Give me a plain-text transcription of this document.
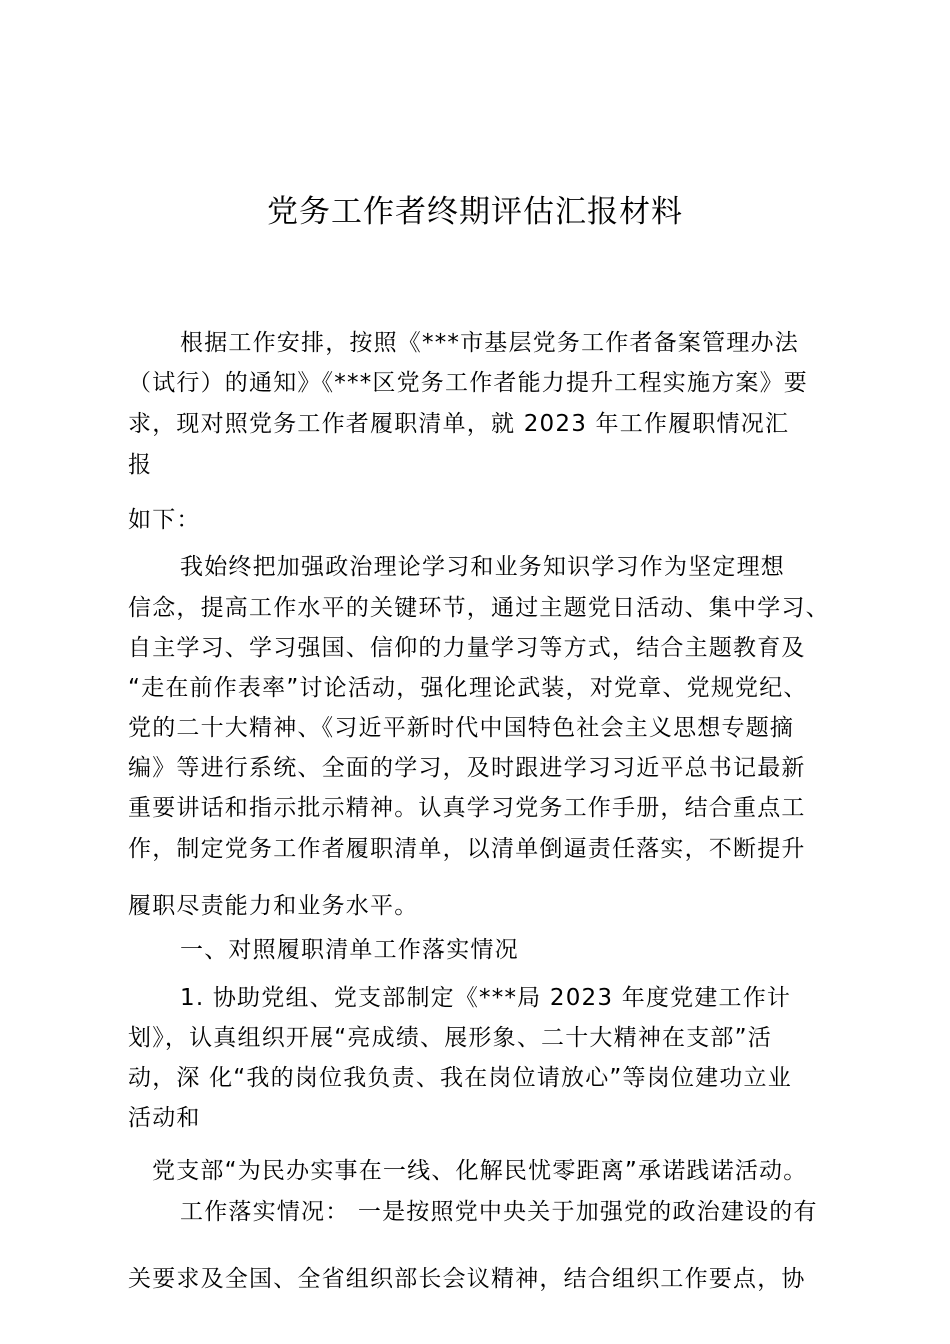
党务工作者终期评估汇报材料
根据工作安排，按照《***市基层党务工作者备案管理办法
（试行）的通知》《***区党务工作者能力提升工程实施方案》要
求，现对照党务工作者履职清单，就 2023 年工作履职情况汇
报
如下：
我始终把加强政治理论学习和业务知识学习作为坚定理想
信念，提高工作水平的关键环节，通过主题党日活动、集中学习、
自主学习、学习强国、信仰的力量学习等方式，结合主题教育及
“走在前作表率”讨论活动，强化理论武装，对党章、党规党纪、
党的二十大精神、《习近平新时代中国特色社会主义思想专题摘
编》等进行系统、全面的学习，及时跟进学习习近平总书记最新
重要讲话和指示批示精神。认真学习党务工作手册，结合重点工
作，制定党务工作者履职清单，以清单倒逼责任落实，不断提升
履职尽责能力和业务水平。
一、对照履职清单工作落实情况
1. 协助党组、党支部制定《***局 2023 年度党建工作计
划》，认真组织开展“亮成绩、展形象、二十大精神在支部”活
动，深 化“我的岗位我负责、我在岗位请放心”等岗位建功立业
活动和
党支部“为民办实事在一线、化解民忧零距离”承诺践诺活动。
工作落实情况： 一是按照党中央关于加强党的政治建设的有
关要求及全国、全省组织部长会议精神，结合组织工作要点，协
